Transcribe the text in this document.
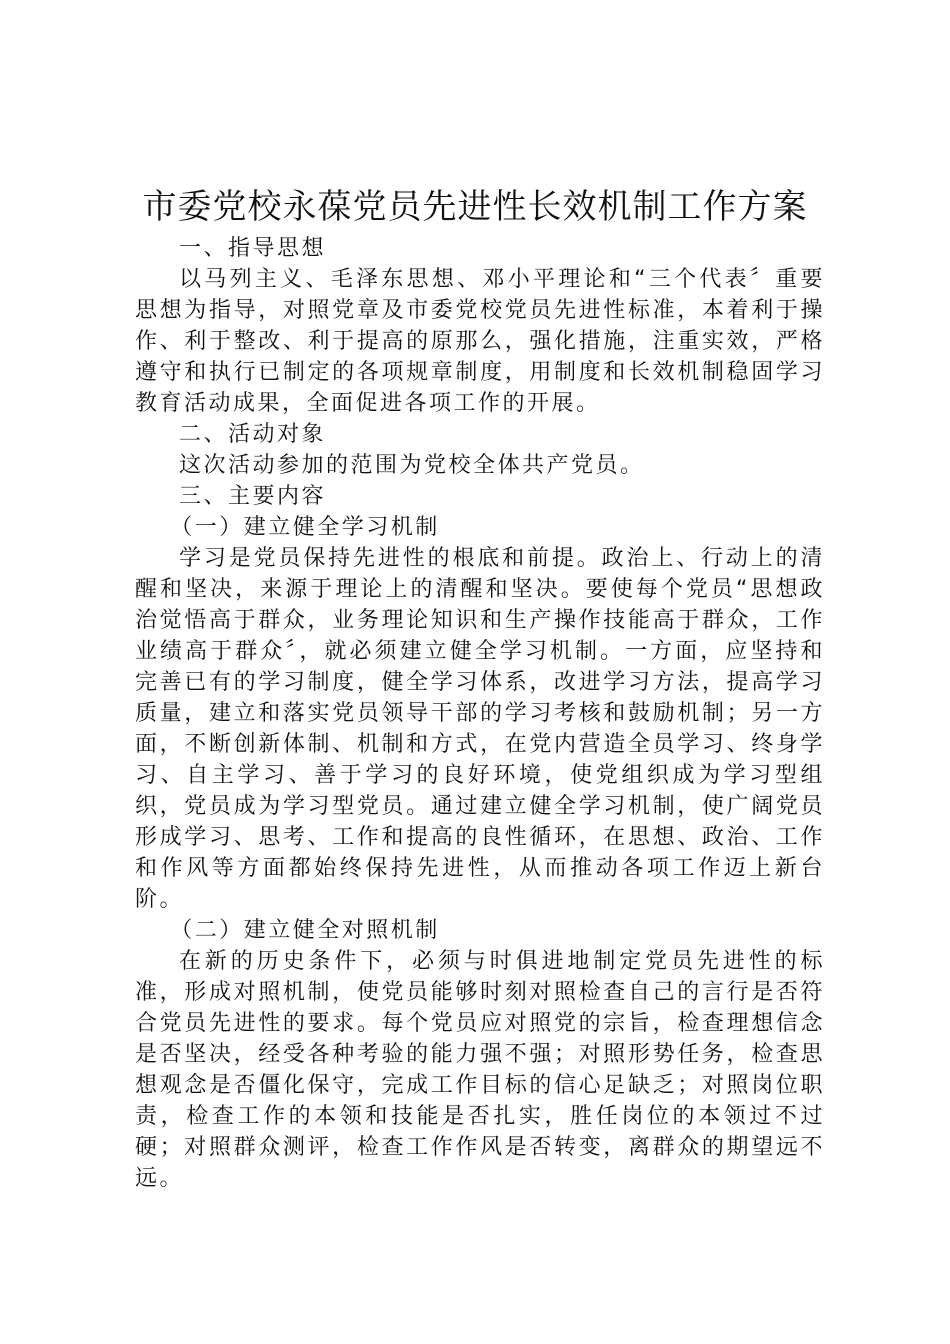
市委党校永葆党员先进性长效机制工作方案

一、指导思想

以马列主义、毛泽东思想、邓小平理论和“三个代表〞重要思想为指导，对照党章及市委党校党员先进性标准，本着利于操作、利于整改、利于提高的原那么，强化措施，注重实效，严格遵守和执行已制定的各项规章制度，用制度和长效机制稳固学习教育活动成果，全面促进各项工作的开展。

二、活动对象

这次活动参加的范围为党校全体共产党员。

三、主要内容

（一）建立健全学习机制

学习是党员保持先进性的根底和前提。政治上、行动上的清醒和坚决，来源于理论上的清醒和坚决。要使每个党员“思想政治觉悟高于群众，业务理论知识和生产操作技能高于群众，工作业绩高于群众〞，就必须建立健全学习机制。一方面，应坚持和完善已有的学习制度，健全学习体系，改进学习方法，提高学习质量，建立和落实党员领导干部的学习考核和鼓励机制；另一方面，不断创新体制、机制和方式，在党内营造全员学习、终身学习、自主学习、善于学习的良好环境，使党组织成为学习型组织，党员成为学习型党员。通过建立健全学习机制，使广阔党员形成学习、思考、工作和提高的良性循环，在思想、政治、工作和作风等方面都始终保持先进性，从而推动各项工作迈上新台阶。

（二）建立健全对照机制

在新的历史条件下，必须与时俱进地制定党员先进性的标准，形成对照机制，使党员能够时刻对照检查自己的言行是否符合党员先进性的要求。每个党员应对照党的宗旨，检查理想信念是否坚决，经受各种考验的能力强不强；对照形势任务，检查思想观念是否僵化保守，完成工作目标的信心足缺乏；对照岗位职责，检查工作的本领和技能是否扎实，胜任岗位的本领过不过硬；对照群众测评，检查工作作风是否转变，离群众的期望远不远。
